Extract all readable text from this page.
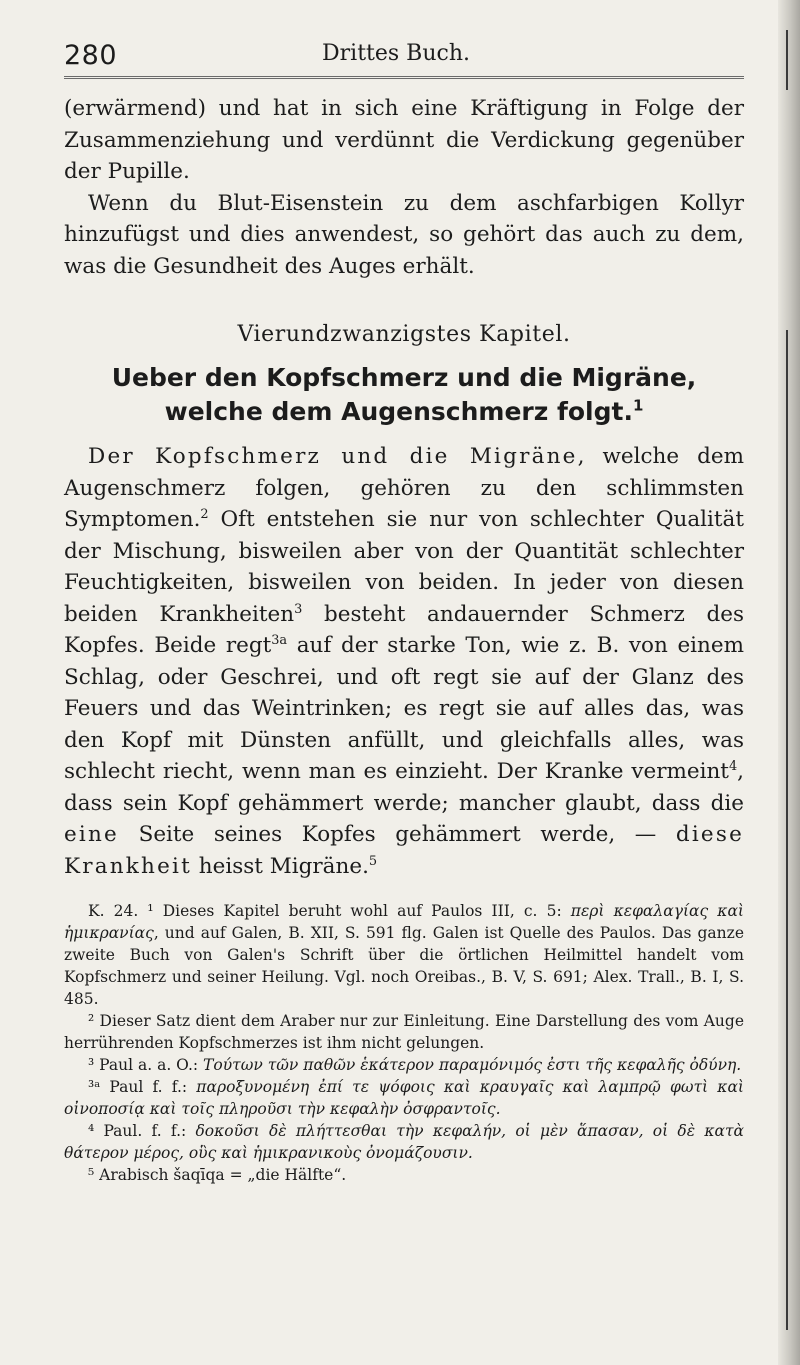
280	Drittes Buch.

(erwärmend) und hat in sich eine Kräftigung in Folge der Zusammenziehung und verdünnt die Verdickung gegenüber der Pupille.

Wenn du Blut-Eisenstein zu dem aschfarbigen Kollyr hinzufügst und dies anwendest, so gehört das auch zu dem, was die Gesundheit des Auges erhält.

Vierundzwanzigstes Kapitel.
Ueber den Kopfschmerz und die Migräne, welche dem Augenschmerz folgt.$^1$

Der Kopfschmerz und die Migräne, welche dem Augenschmerz folgen, gehören zu den schlimmsten Symptomen.$^2$ Oft entstehen sie nur von schlechter Qualität der Mischung, bisweilen aber von der Quantität schlechter Feuchtigkeiten, bisweilen von beiden. In jeder von diesen beiden Krankheiten$^3$ besteht andauernder Schmerz des Kopfes. Beide regt$^{3a}$ auf der starke Ton, wie z. B. von einem Schlag, oder Geschrei, und oft regt sie auf der Glanz des Feuers und das Weintrinken; es regt sie auf alles das, was den Kopf mit Dünsten anfüllt, und gleichfalls alles, was schlecht riecht, wenn man es einzieht. Der Kranke vermeint$^4$, dass sein Kopf gehämmert werde; mancher glaubt, dass die eine Seite seines Kopfes gehämmert werde, — diese Krankheit heisst Migräne.$^5$

K. 24. ¹ Dieses Kapitel beruht wohl auf Paulos III, c. 5: περὶ κεφαλαγίας καὶ ἡμικρανίας, und auf Galen, B. XII, S. 591 flg. Galen ist Quelle des Paulos. Das ganze zweite Buch von Galen's Schrift über die örtlichen Heilmittel handelt vom Kopfschmerz und seiner Heilung. Vgl. noch Oreibas., B. V, S. 691; Alex. Trall., B. I, S. 485.

² Dieser Satz dient dem Araber nur zur Einleitung. Eine Darstellung des vom Auge herrührenden Kopfschmerzes ist ihm nicht gelungen.

³ Paul a. a. O.: Τούτων τῶν παθῶν ἑκάτερον παραμόνιμός ἐστι τῆς κεφαλῆς ὀδύνη.

³ᵃ Paul f. f.: παροξυνομένη ἐπί τε ψόφοις καὶ κραυγαῖς καὶ λαμπρῷ φωτὶ καὶ οἰνοποσίᾳ καὶ τοῖς πληροῦσι τὴν κεφαλὴν ὀσφραντοῖς.

⁴ Paul. f. f.: δοκοῦσι δὲ πλήττεσθαι τὴν κεφαλήν, οἱ μὲν ἅπασαν, οἱ δὲ κατὰ θάτερον μέρος, οὓς καὶ ἡμικρανικοὺς ὀνομάζουσιν.

⁵ Arabisch šaqīqa = „die Hälfte“.
